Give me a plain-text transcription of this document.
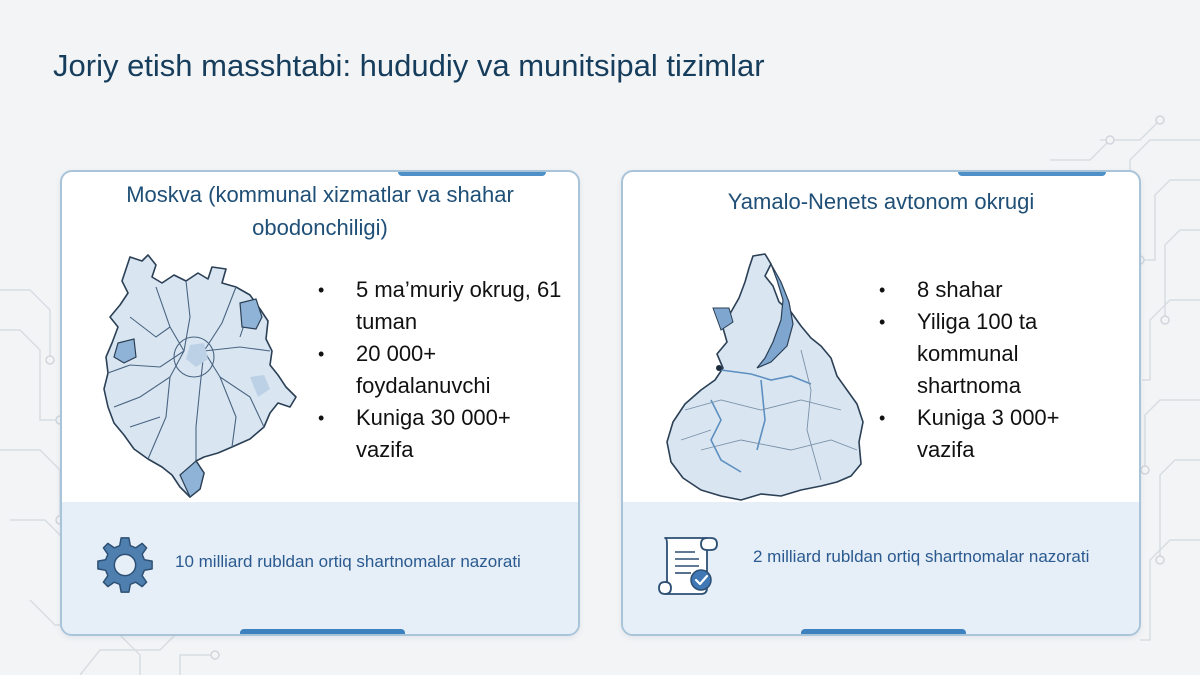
Joriy etish masshtabi: hududiy va munitsipal tizimlar
Moskva (kommunal xizmatlar va shahar obodonchiligi)
• 5 ma’muriy okrug, 61 tuman
• 20 000+ foydalanuvchi
• Kuniga 30 000+ vazifa
10 milliard rubldan ortiq shartnomalar nazorati
Yamalo-Nenets avtonom okrugi
• 8 shahar
• Yiliga 100 ta kommunal shartnoma
• Kuniga 3 000+ vazifa
2 milliard rubldan ortiq shartnomalar nazorati
